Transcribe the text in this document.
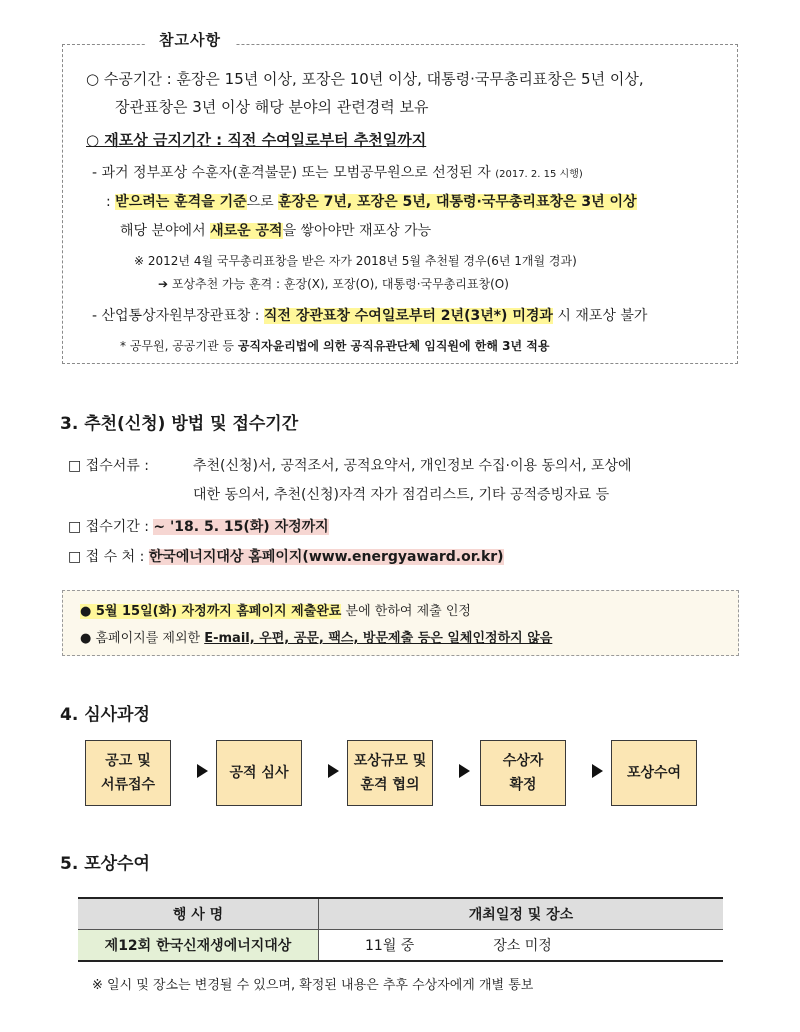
참고사항
○ 수공기간 : 훈장은 15년 이상, 포장은 10년 이상, 대통령·국무총리표창은 5년 이상,
장관표창은 3년 이상 해당 분야의 관련경력 보유
○ 재포상 금지기간 : 직전 수여일로부터 추천일까지
- 과거 정부포상 수훈자(훈격불문) 또는 모범공무원으로 선정된 자 (2017. 2. 15 시행)
: 받으려는 훈격을 기준으로 훈장은 7년, 포장은 5년, 대통령·국무총리표창은 3년 이상
해당 분야에서 새로운 공적을 쌓아야만 재포상 가능
※ 2012년 4월 국무총리표창을 받은 자가 2018년 5월 추천될 경우(6년 1개월 경과)
➔ 포상추천 가능 훈격 : 훈장(X), 포장(O), 대통령·국무총리표창(O)
- 산업통상자원부장관표창 : 직전 장관표창 수여일로부터 2년(3년*) 미경과 시 재포상 불가
* 공무원, 공공기관 등 공직자윤리법에 의한 공직유관단체 임직원에 한해 3년 적용
3. 추천(신청) 방법 및 접수기간
□ 접수서류 :	추천(신청)서, 공적조서, 공적요약서, 개인정보 수집·이용 동의서, 포상에
대한 동의서, 추천(신청)자격 자가 점검리스트, 기타 공적증빙자료 등
□ 접수기간 : ~ '18. 5. 15(화) 자정까지
□ 접 수 처 : 한국에너지대상 홈페이지(www.energyaward.or.kr)
● 5월 15일(화) 자정까지 홈페이지 제출완료 분에 한하여 제출 인정
● 홈페이지를 제외한 E-mail, 우편, 공문, 팩스, 방문제출 등은 일체인정하지 않음
4. 심사과정
공고 및
서류접수
공적 심사
포상규모 및
훈격 협의
수상자
확정
포상수여
5. 포상수여
행 사 명	개최일정 및 장소
제12회 한국신재생에너지대상	11월 중 장소 미정
※ 일시 및 장소는 변경될 수 있으며, 확정된 내용은 추후 수상자에게 개별 통보
